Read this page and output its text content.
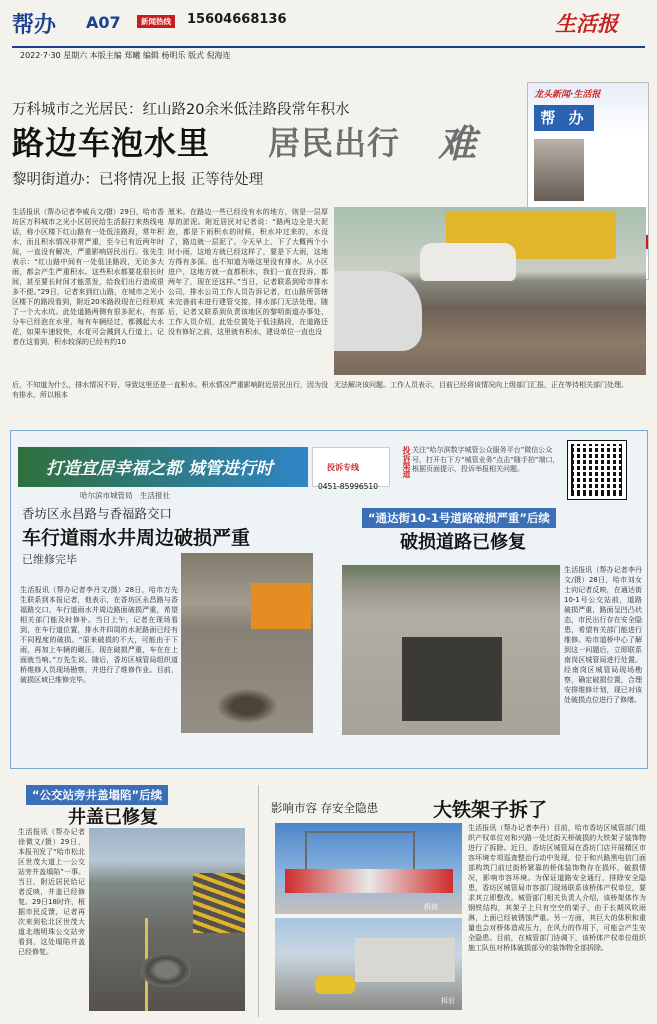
帮办 A07	新闻热线	15604668136	生活报
2022·7·30 星期六 本版主编 郑曦 编辑 杨明乐 版式 倪海连
万科城市之光居民：红山路20余米低洼路段常年积水
路边车泡水里 居民出行 难
黎明街道办：已将情况上报 正等待处理
龙头新闻·生活报
帮 办
生活报讯（帮办记者李威兵文/摄）29日，哈市香坊区万科城市之光小区居民给生活报打来热线电话，称小区楼下红山路有一处低洼路段，常年积水，而且积水情况非常严重，至今已有近两年时间，一直没有解决，严重影响居民出行。张先生表示：“红山路中间有一处低洼路段，无论多大雨，都会产生严重积水。这些积水都要花很长时间，甚至要长时间才能蒸发，给我们出行造成很多不便。”29日，记者来到红山路，在城市之光小区楼下的路段看到，附近20米路段现在已经形成了一个大水坑。此处道路两侧有很多泥水，有部分车已经泡在水里，每有车辆经过，都溅起大水花，如果车速较快，水花可会溅到人行道上。记者在这看到，积水较深的已经有约10
厘米。在路边一些已经没有水的地方，则是一层厚厚的淤泥。附近居民对记者说：“路两边全是大泥泡，都是下雨积水的时候，积水冲过来的，水没了，路边就一层泥了。今天早上，下了大概两个小时小雨，这地方就已经这样了，要是下大雨，这地方得有多深。也不知道为啥这里没有排水。从小区进户，这地方就一直都积水，我们一直在投诉，都两年了，现在还这样。”当日，记者联系到哈市排水公司，排水公司工作人员告诉记者，红山路所管辖未完善前未进行建管交接，排水部门无法处理。随后，记者又联系到负责该地区的黎明街道办事处，工作人员介绍，此处位置处于低洼路段，在道路还没有修好之前，这里就有积水，建设单位一直也没
后，不知道为什么，排水情况不好，导致这里还是一直积水。积水情况严重影响附近居民出行，因为没有排水，所以根本
无法解决该问题。工作人员表示，目前已经将该情况向上级部门汇报，正在等待相关部门处理。
打造宜居幸福之都 城管进行时
哈尔滨市城管局　生活报社
投诉专线
0451-85996510
投诉渠道 关注“哈尔滨数字城管公众服务平台”微信公众号，打开右下方“城管业务”点击“随手拍”端口，根据页面提示，投诉举报相关问题。
香坊区永昌路与香福路交口
车行道雨水井周边破损严重
已维修完毕
生活报讯（帮办记者李丹文/摄）28日，哈市万先生联系到本报记者，他表示，在香坊区永昌路与香福路交口，车行道雨水井周边路面破损严重，希望相关部门能及时修补。当日上午，记者在现场看到，在车行道位置，排水井四周的水泥路面已经有不同程度的破损。“原来破损的不大，可能由于下雨，再加上车辆的碾压，现在破损严重，车在在上面就当响。”万先生说。随后，香坊区城管局组织道桥维修人员现场勘察，并进行了维修作业。目前，破损区域已维修完毕。
“通达街10-1号道路破损严重”后续
破损道路已修复
生活报讯（帮办记者李丹文/摄）28日，哈市刘女士向记者反映，在通达街10-1号公交站前，道路破损严重，路面呈凹凸状态，市民出行存在安全隐患，希望有关部门能进行维修。哈市道桥中心了解到这一问题后，立即联系南岗区城管局进行处置。经南岗区城管局现场勘察，确定破损位置，合理安排维修计划，现已对该处破损点位进行了修缮。
“公交站旁井盖塌陷”后续
井盖已修复
生活报讯（帮办记者徐微文/摄）29日，本报刊发了“哈市松北区世茂大道上一公交站旁井盖塌陷”一事。当日，附近居民给记者反映，井盖已经修复。29日18时许，根据市民反馈，记者再次来到松北区世茂大道北端明珠公交站旁看到，这处塌陷井盖已经修复。
影响市容 存安全隐患	大铁架子拆了
拆前
拆后
生活报讯（帮办记者李丹）目前，哈市香坊区城管部门组织产权单位对和兴路一处过街天桥破损的大铁架子装饰物进行了拆除。近日，香坊区城管局在香坊门店开展精区市容环境专项巡查整治行动中发现，位于和兴路黑电信门面部构筑门前过街桥紧靠的桥体装饰物存在损坏，破损情况，影响市容环境。为保证道路安全通行，排除安全隐患，香坊区城管局市容部门现场联系该桥体产权单位，要求其立即整改。城管部门相关负责人介绍，该桥架体作为钢铁结构，其架子上只有空空的架子，由于长期风吹雨淋，上面已经被锈蚀严重。另一方面，其巨大的体积和重量也会对桥体造成压力，在风力的作用下，可能会产生安全隐患。目前，在城管部门协调下，该桥体产权单位组织施工队伍对桥体破损部分的装饰物全部拆除。
